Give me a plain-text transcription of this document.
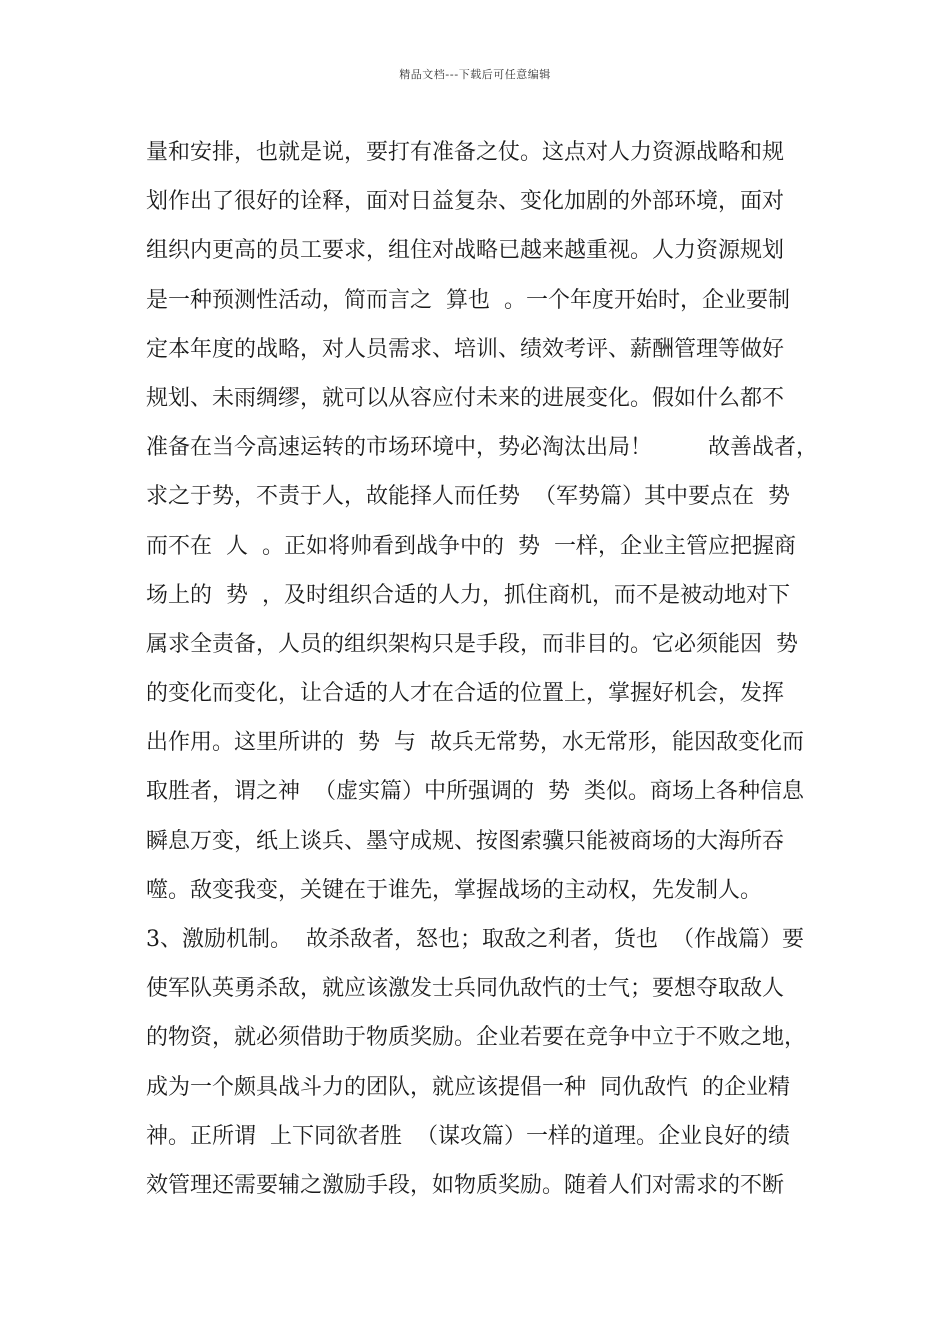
精品文档---下载后可任意编辑
量和安排，也就是说，要打有准备之仗。这点对人力资源战略和规
划作出了很好的诠释，面对日益复杂、变化加剧的外部环境，面对
组织内更高的员工要求，组住对战略已越来越重视。人力资源规划
是一种预测性活动，简而言之  算也  。一个年度开始时，企业要制
定本年度的战略，对人员需求、培训、绩效考评、薪酬管理等做好
规划、未雨绸缪，就可以从容应付未来的进展变化。假如什么都不
准备在当今高速运转的市场环境中，势必淘汰出局！        故善战者，
求之于势，不责于人，故能择人而任势  （军势篇）其中要点在  势
而不在  人  。正如将帅看到战争中的  势  一样，企业主管应把握商
场上的  势  ，及时组织合适的人力，抓住商机，而不是被动地对下
属求全责备，人员的组织架构只是手段，而非目的。它必须能因  势
的变化而变化，让合适的人才在合适的位置上，掌握好机会，发挥
出作用。这里所讲的  势  与  故兵无常势，水无常形，能因敌变化而
取胜者，谓之神  （虚实篇）中所强调的  势  类似。商场上各种信息
瞬息万变，纸上谈兵、墨守成规、按图索骥只能被商场的大海所吞
噬。敌变我变，关键在于谁先，掌握战场的主动权，先发制人。
3、激励机制。  故杀敌者，怒也；取敌之利者，货也  （作战篇）要
使军队英勇杀敌，就应该激发士兵同仇敌忾的士气；要想夺取敌人
的物资，就必须借助于物质奖励。企业若要在竞争中立于不败之地，
成为一个颇具战斗力的团队，就应该提倡一种  同仇敌忾  的企业精
神。正所谓  上下同欲者胜  （谋攻篇）一样的道理。企业良好的绩
效管理还需要辅之激励手段，如物质奖励。随着人们对需求的不断
